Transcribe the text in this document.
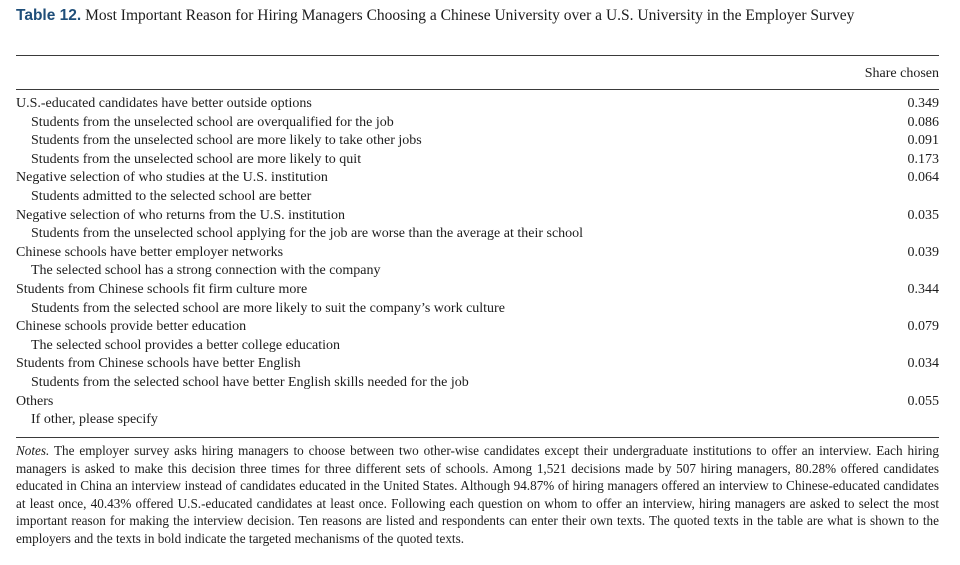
Table 12. Most Important Reason for Hiring Managers Choosing a Chinese University over a U.S. University in the Employer Survey
Share chosen
U.S.-educated candidates have better outside options	0.349
Students from the unselected school are overqualified for the job	0.086
Students from the unselected school are more likely to take other jobs	0.091
Students from the unselected school are more likely to quit	0.173
Negative selection of who studies at the U.S. institution	0.064
Students admitted to the selected school are better
Negative selection of who returns from the U.S. institution	0.035
Students from the unselected school applying for the job are worse than the average at their school
Chinese schools have better employer networks	0.039
The selected school has a strong connection with the company
Students from Chinese schools fit firm culture more	0.344
Students from the selected school are more likely to suit the company’s work culture
Chinese schools provide better education	0.079
The selected school provides a better college education
Students from Chinese schools have better English	0.034
Students from the selected school have better English skills needed for the job
Others	0.055
If other, please specify
Notes. The employer survey asks hiring managers to choose between two other-wise candidates except their undergraduate institutions to offer an interview. Each hiring managers is asked to make this decision three times for three different sets of schools. Among 1,521 decisions made by 507 hiring managers, 80.28% offered candidates educated in China an interview instead of candidates educated in the United States. Although 94.87% of hiring managers offered an interview to Chinese-educated candidates at least once, 40.43% offered U.S.-educated candidates at least once. Following each question on whom to offer an interview, hiring managers are asked to select the most important reason for making the interview decision. Ten reasons are listed and respondents can enter their own texts. The quoted texts in the table are what is shown to the employers and the texts in bold indicate the targeted mechanisms of the quoted texts.
